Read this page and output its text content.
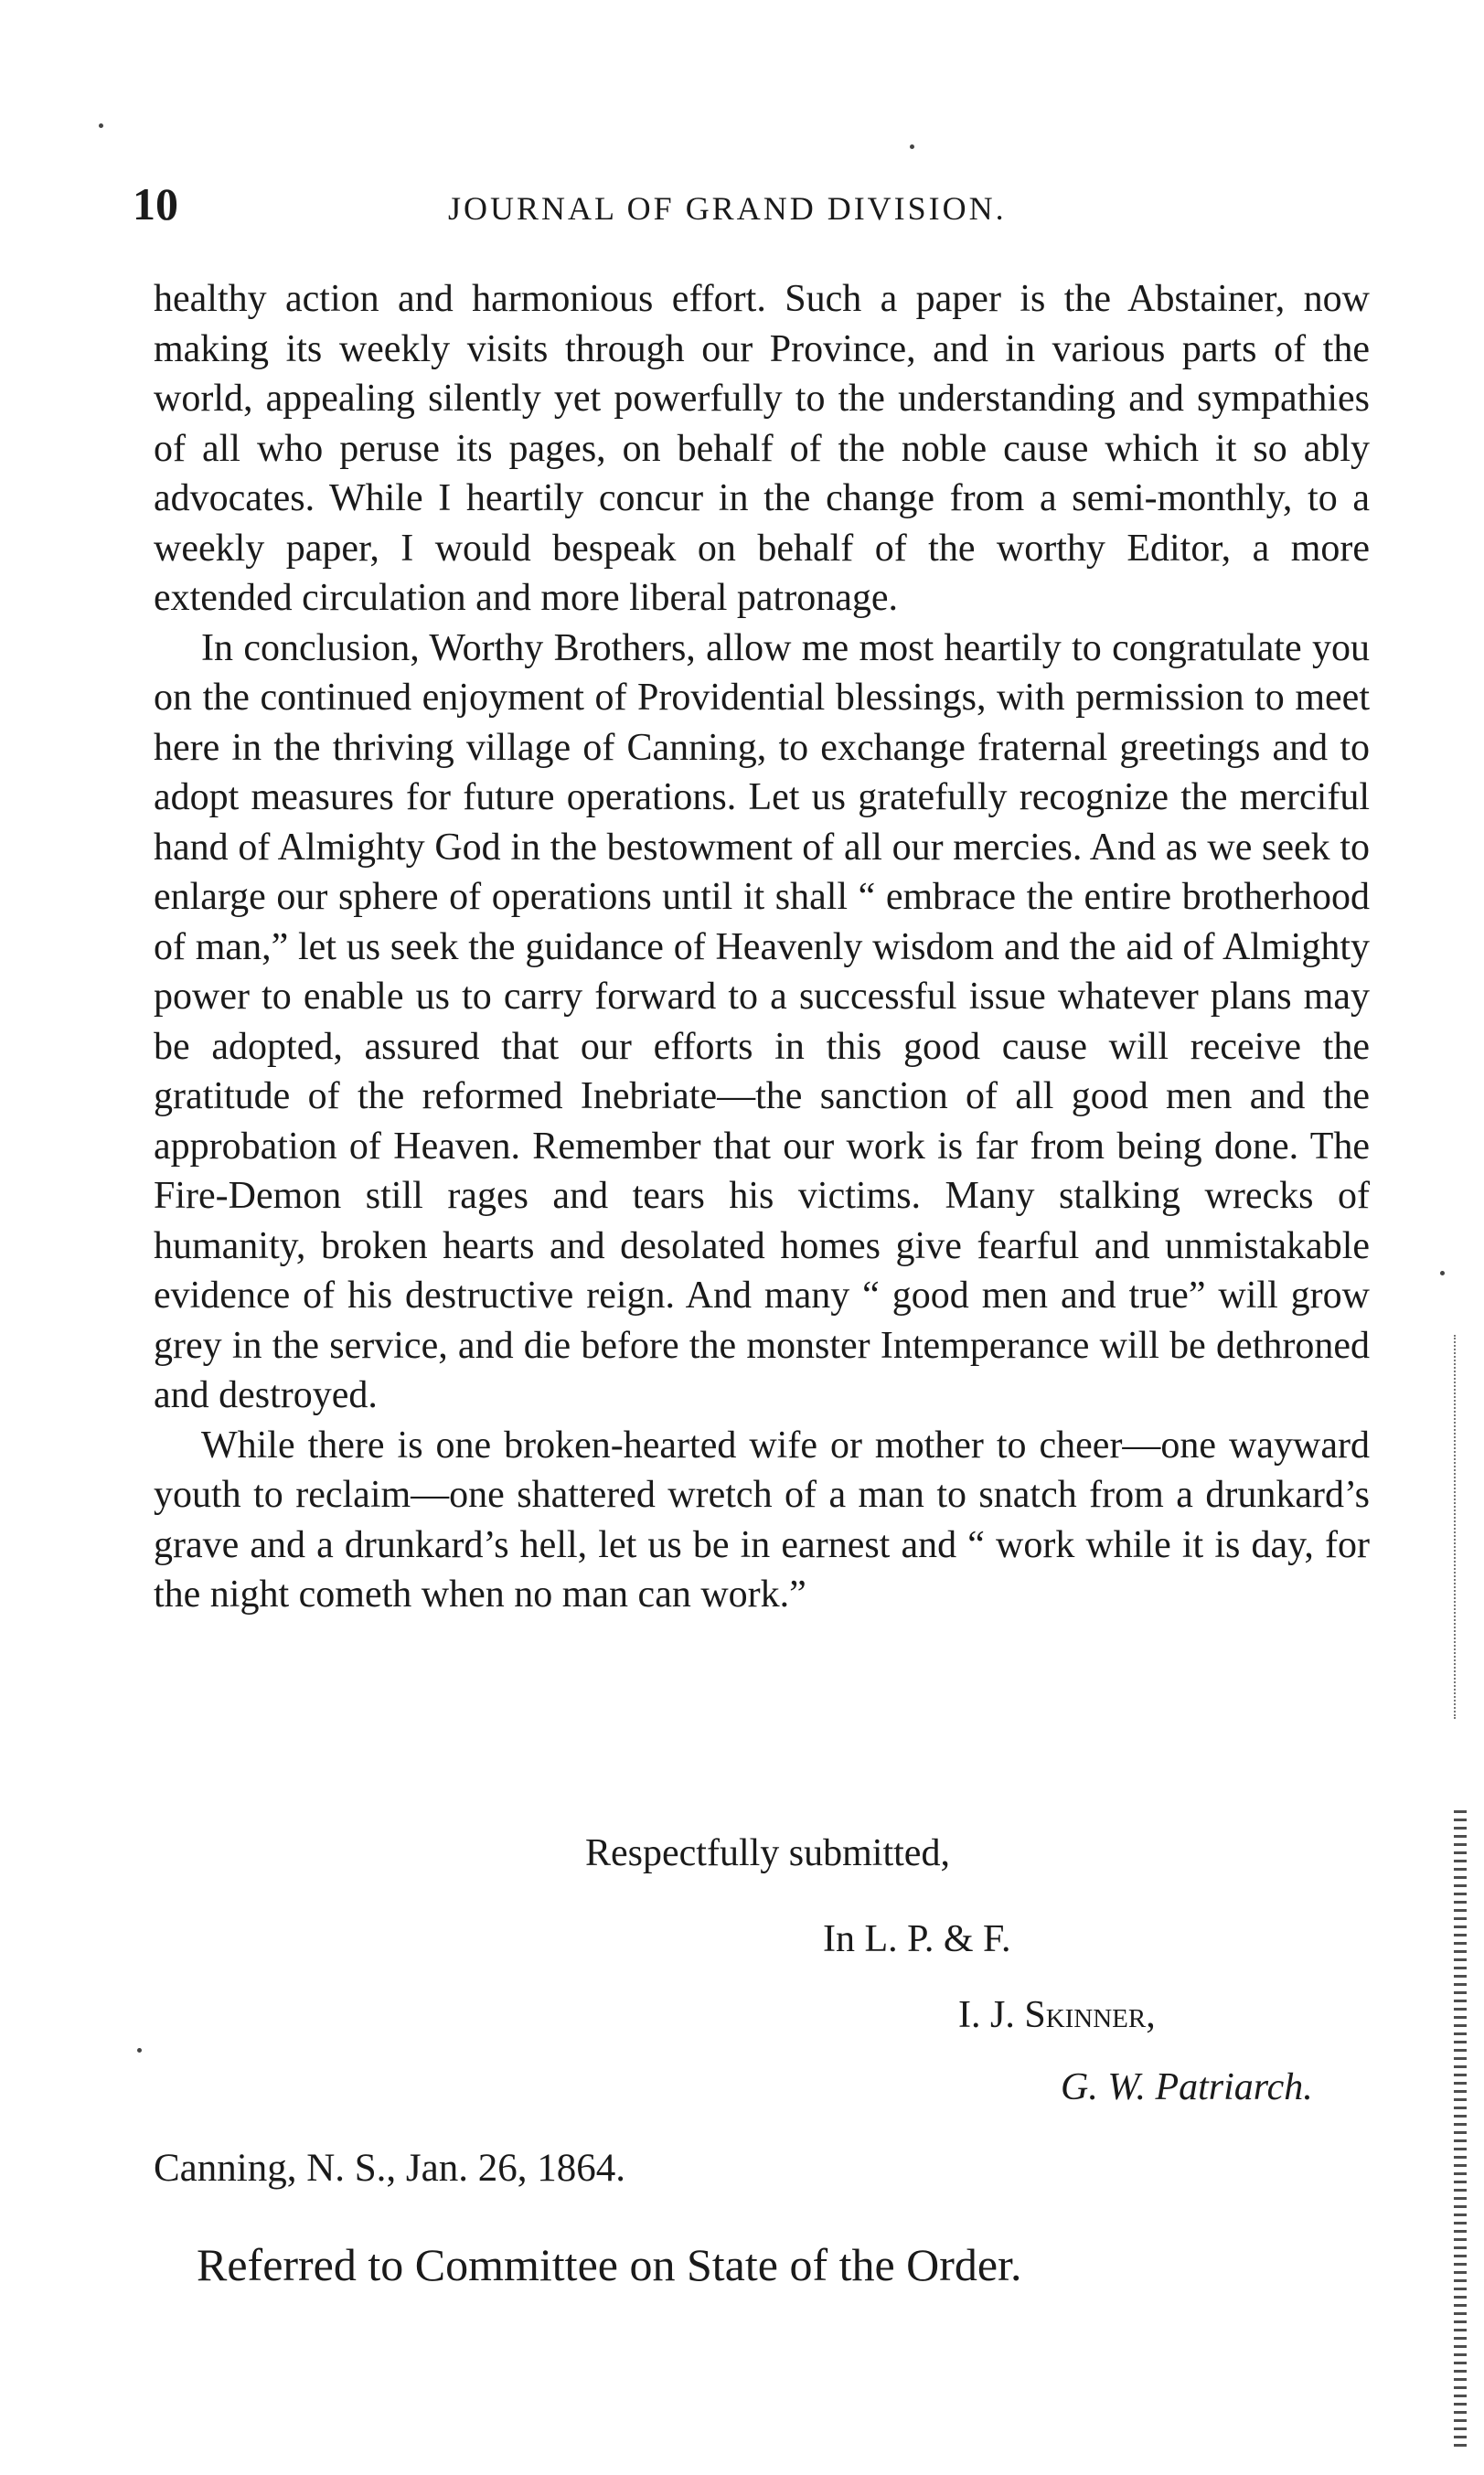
10	JOURNAL OF GRAND DIVISION.

healthy action and harmonious effort. Such a paper is the Abstainer, now making its weekly visits through our Province, and in various parts of the world, appealing silently yet powerfully to the understanding and sympathies of all who peruse its pages, on behalf of the noble cause which it so ably advocates. While I heartily concur in the change from a semi-monthly, to a weekly paper, I would bespeak on behalf of the worthy Editor, a more extended circulation and more liberal patronage.

In conclusion, Worthy Brothers, allow me most heartily to congratulate you on the continued enjoyment of Providential blessings, with permission to meet here in the thriving village of Canning, to exchange fraternal greetings and to adopt measures for future operations. Let us gratefully recognize the merciful hand of Almighty God in the bestowment of all our mercies. And as we seek to enlarge our sphere of operations until it shall “ embrace the entire brotherhood of man,” let us seek the guidance of Heavenly wisdom and the aid of Almighty power to enable us to carry forward to a successful issue whatever plans may be adopted, assured that our efforts in this good cause will receive the gratitude of the reformed Inebriate—the sanction of all good men and the approbation of Heaven. Remember that our work is far from being done. The Fire-Demon still rages and tears his victims. Many stalking wrecks of humanity, broken hearts and desolated homes give fearful and unmistakable evidence of his destructive reign. And many “ good men and true” will grow grey in the service, and die before the monster Intemperance will be dethroned and destroyed.

While there is one broken-hearted wife or mother to cheer—one wayward youth to reclaim—one shattered wretch of a man to snatch from a drunkard’s grave and a drunkard’s hell, let us be in earnest and “ work while it is day, for the night cometh when no man can work.”

Respectfully submitted,
In L. P. & F.
I. J. Skinner,
G. W. Patriarch.
Canning, N. S., Jan. 26, 1864.
Referred to Committee on State of the Order.
